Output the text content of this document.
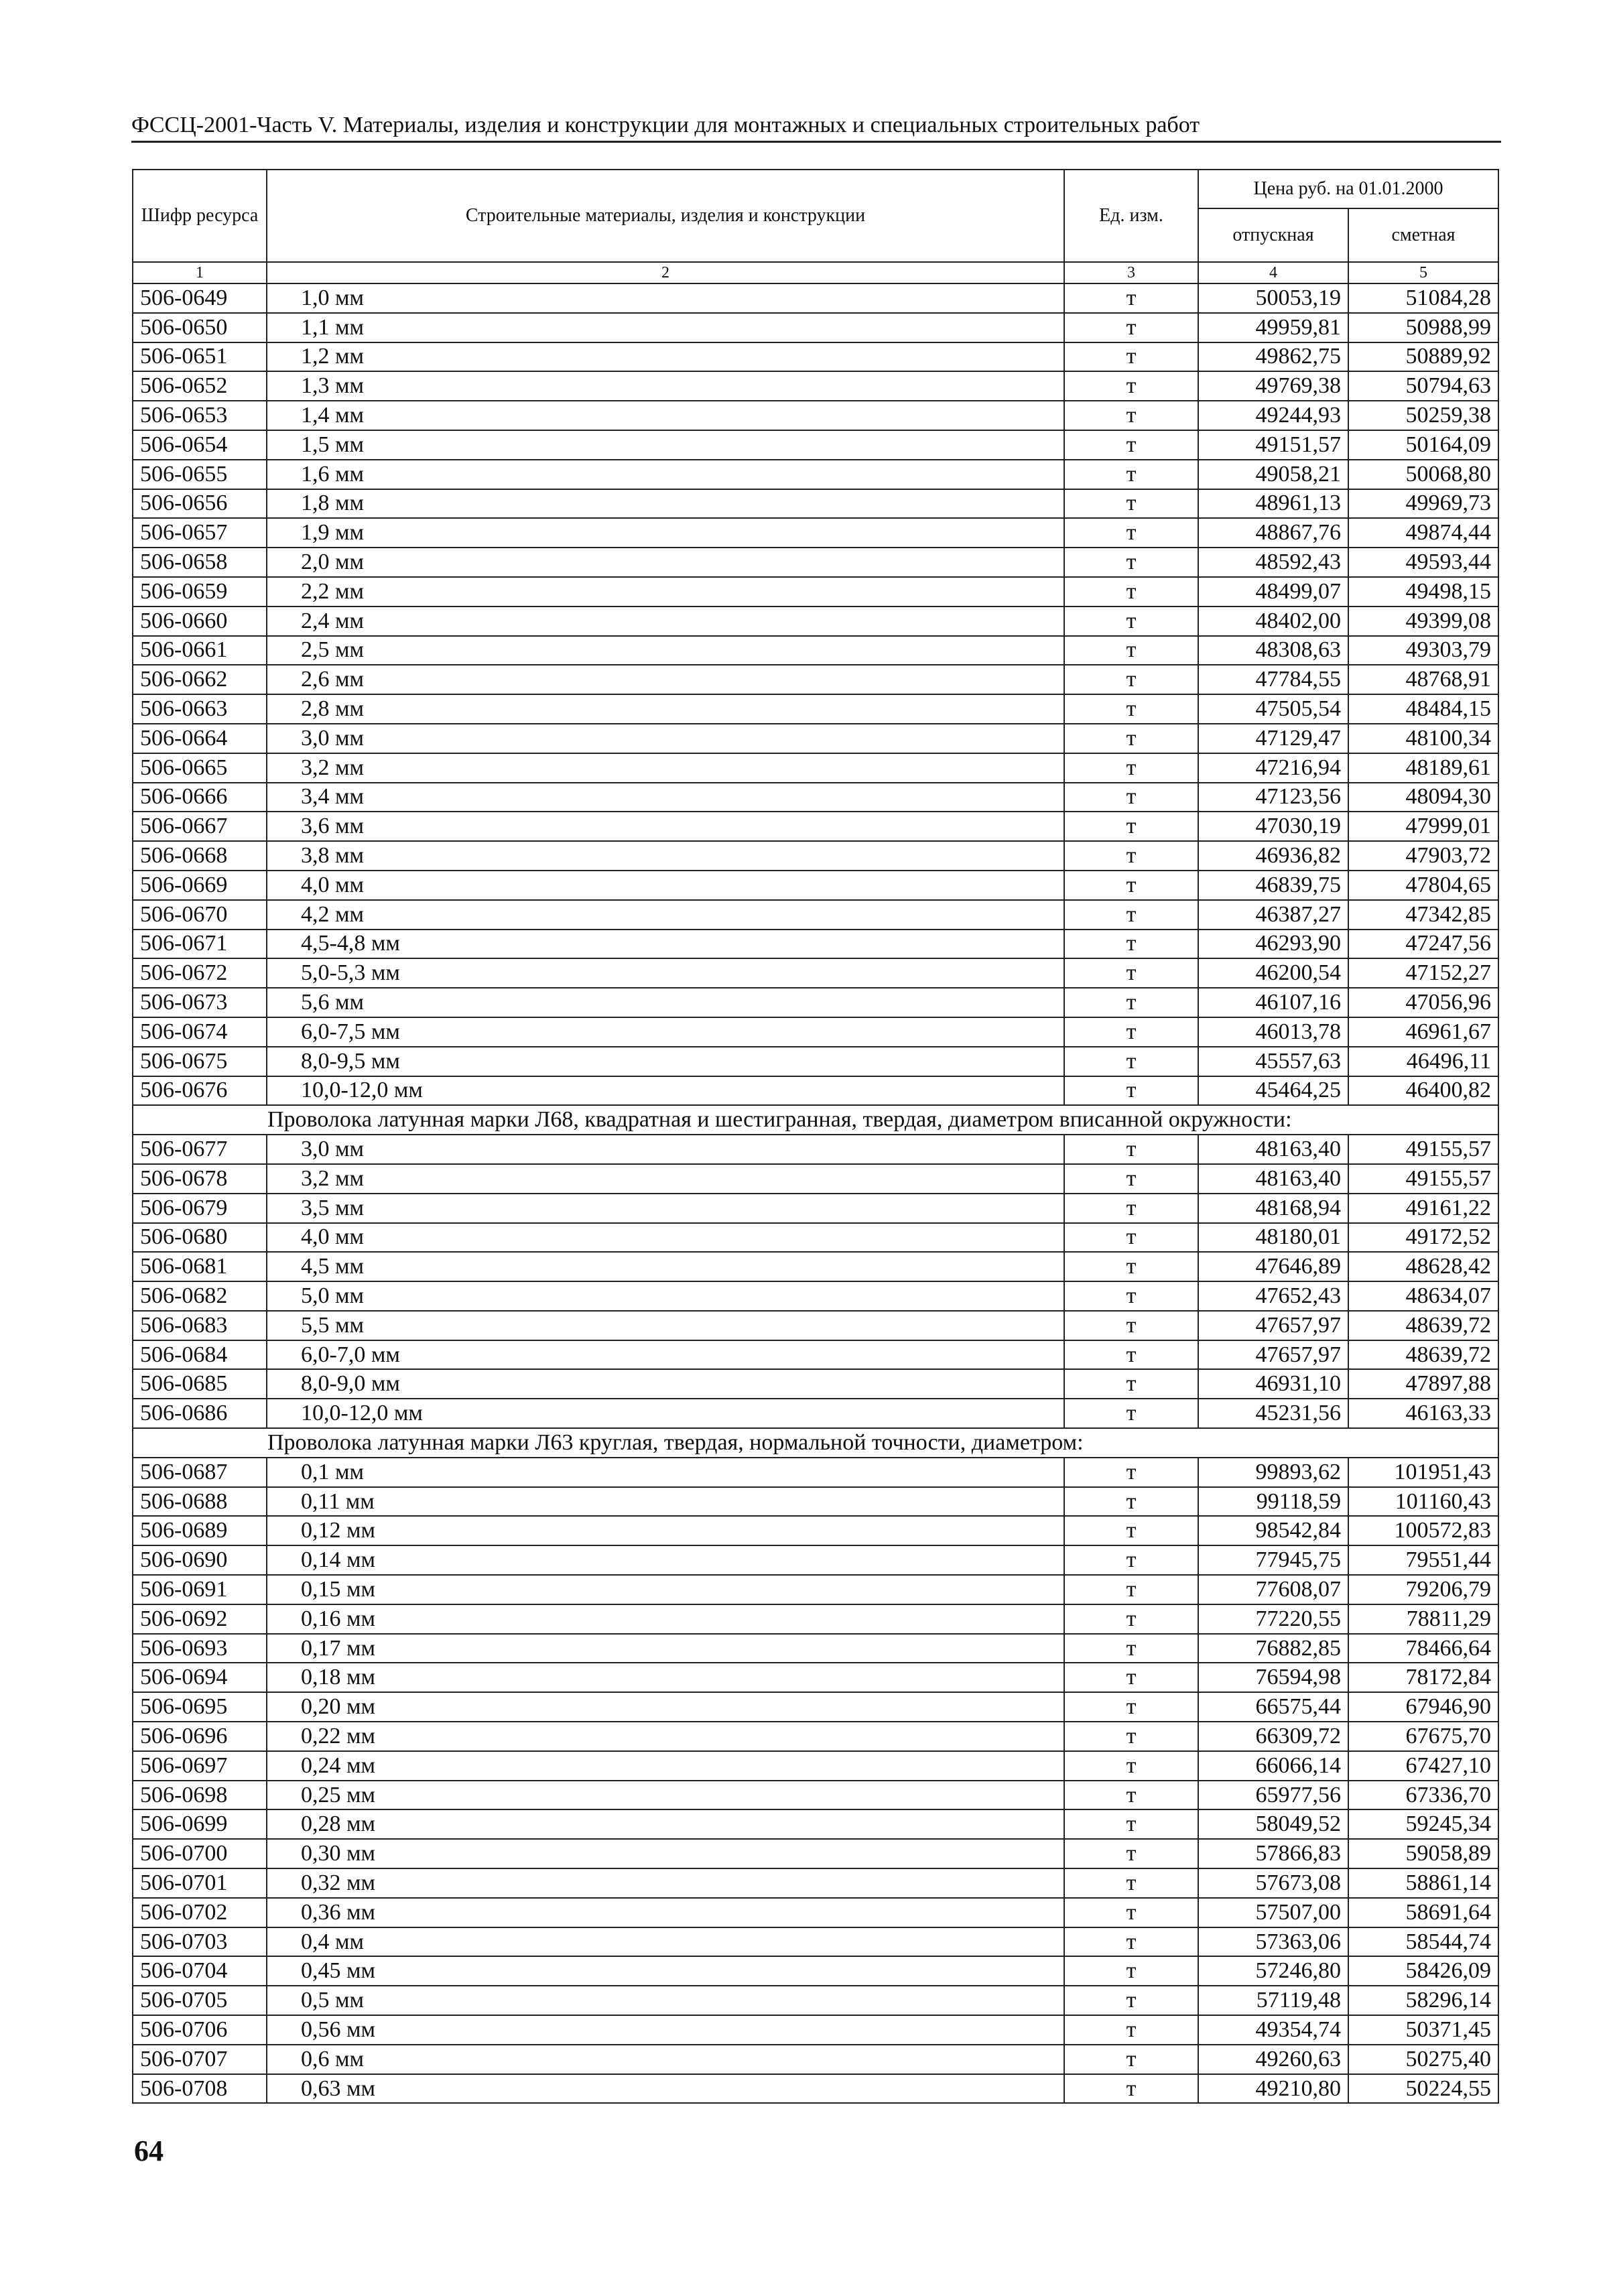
ФССЦ-2001-Часть V. Материалы, изделия и конструкции для монтажных и специальных строительных работ
Шифр ресурса	Строительные материалы, изделия и конструкции	Ед. изм.	Цена руб. на 01.01.2000	
			отпускная	сметная
1	2	3	4	5
506-0649	1,0 мм	т	50053,19	51084,28
506-0650	1,1 мм	т	49959,81	50988,99
506-0651	1,2 мм	т	49862,75	50889,92
506-0652	1,3 мм	т	49769,38	50794,63
506-0653	1,4 мм	т	49244,93	50259,38
506-0654	1,5 мм	т	49151,57	50164,09
506-0655	1,6 мм	т	49058,21	50068,80
506-0656	1,8 мм	т	48961,13	49969,73
506-0657	1,9 мм	т	48867,76	49874,44
506-0658	2,0 мм	т	48592,43	49593,44
506-0659	2,2 мм	т	48499,07	49498,15
506-0660	2,4 мм	т	48402,00	49399,08
506-0661	2,5 мм	т	48308,63	49303,79
506-0662	2,6 мм	т	47784,55	48768,91
506-0663	2,8 мм	т	47505,54	48484,15
506-0664	3,0 мм	т	47129,47	48100,34
506-0665	3,2 мм	т	47216,94	48189,61
506-0666	3,4 мм	т	47123,56	48094,30
506-0667	3,6 мм	т	47030,19	47999,01
506-0668	3,8 мм	т	46936,82	47903,72
506-0669	4,0 мм	т	46839,75	47804,65
506-0670	4,2 мм	т	46387,27	47342,85
506-0671	4,5-4,8 мм	т	46293,90	47247,56
506-0672	5,0-5,3 мм	т	46200,54	47152,27
506-0673	5,6 мм	т	46107,16	47056,96
506-0674	6,0-7,5 мм	т	46013,78	46961,67
506-0675	8,0-9,5 мм	т	45557,63	46496,11
506-0676	10,0-12,0 мм	т	45464,25	46400,82
Проволока латунная марки Л68, квадратная и шестигранная, твердая, диаметром вписанной окружности:				
506-0677	3,0 мм	т	48163,40	49155,57
506-0678	3,2 мм	т	48163,40	49155,57
506-0679	3,5 мм	т	48168,94	49161,22
506-0680	4,0 мм	т	48180,01	49172,52
506-0681	4,5 мм	т	47646,89	48628,42
506-0682	5,0 мм	т	47652,43	48634,07
506-0683	5,5 мм	т	47657,97	48639,72
506-0684	6,0-7,0 мм	т	47657,97	48639,72
506-0685	8,0-9,0 мм	т	46931,10	47897,88
506-0686	10,0-12,0 мм	т	45231,56	46163,33
Проволока латунная марки Л63 круглая, твердая, нормальной точности, диаметром:				
506-0687	0,1 мм	т	99893,62	101951,43
506-0688	0,11 мм	т	99118,59	101160,43
506-0689	0,12 мм	т	98542,84	100572,83
506-0690	0,14 мм	т	77945,75	79551,44
506-0691	0,15 мм	т	77608,07	79206,79
506-0692	0,16 мм	т	77220,55	78811,29
506-0693	0,17 мм	т	76882,85	78466,64
506-0694	0,18 мм	т	76594,98	78172,84
506-0695	0,20 мм	т	66575,44	67946,90
506-0696	0,22 мм	т	66309,72	67675,70
506-0697	0,24 мм	т	66066,14	67427,10
506-0698	0,25 мм	т	65977,56	67336,70
506-0699	0,28 мм	т	58049,52	59245,34
506-0700	0,30 мм	т	57866,83	59058,89
506-0701	0,32 мм	т	57673,08	58861,14
506-0702	0,36 мм	т	57507,00	58691,64
506-0703	0,4 мм	т	57363,06	58544,74
506-0704	0,45 мм	т	57246,80	58426,09
506-0705	0,5 мм	т	57119,48	58296,14
506-0706	0,56 мм	т	49354,74	50371,45
506-0707	0,6 мм	т	49260,63	50275,40
506-0708	0,63 мм	т	49210,80	50224,55
64
